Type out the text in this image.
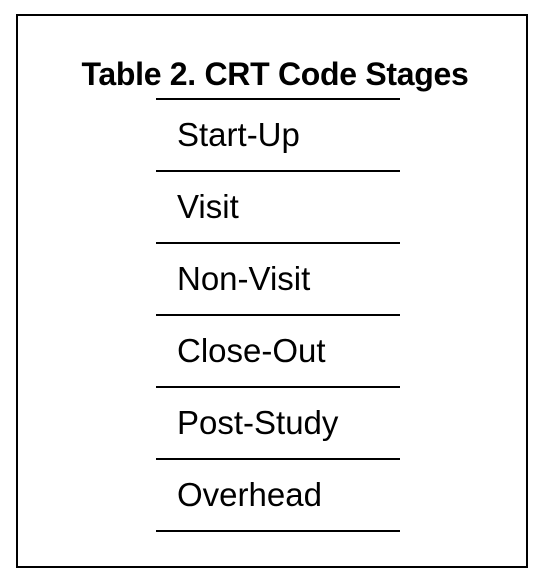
Table 2. CRT Code Stages
Start-Up
Visit
Non-Visit
Close-Out
Post-Study
Overhead
